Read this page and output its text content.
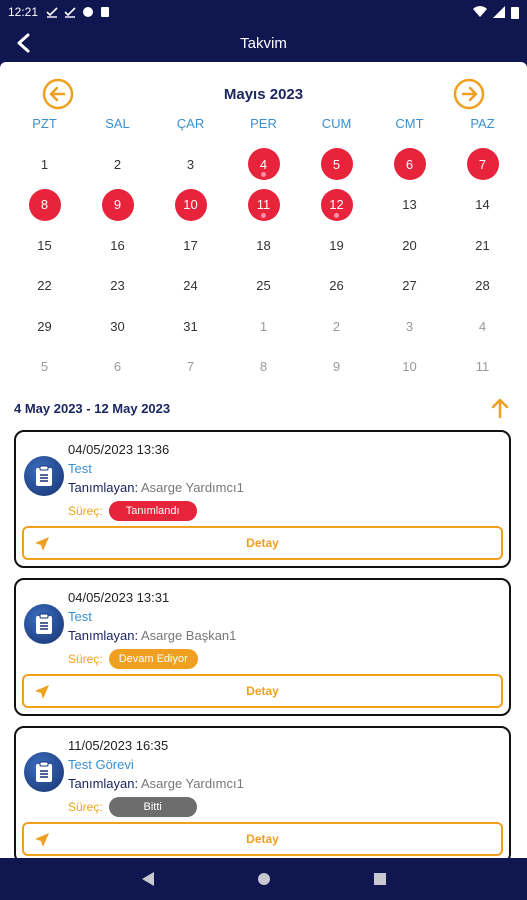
12:21
Takvim
Mayıs 2023
PZT	SAL	ÇAR	PER	CUM	CMT	PAZ
1	2	3	4	5	6	7
8	9	10	11	12	13	14
15	16	17	18	19	20	21
22	23	24	25	26	27	28
29	30	31	1	2	3	4
5	6	7	8	9	10	11
4 May 2023 - 12 May 2023
04/05/2023 13:36
Test
Tanımlayan: Asarge Yardımcı1
Süreç:	Tanımlandı
Detay
04/05/2023 13:31
Test
Tanımlayan: Asarge Başkan1
Süreç:	Devam Ediyor
Detay
11/05/2023 16:35
Test Görevi
Tanımlayan: Asarge Yardımcı1
Süreç:	Bitti
Detay
